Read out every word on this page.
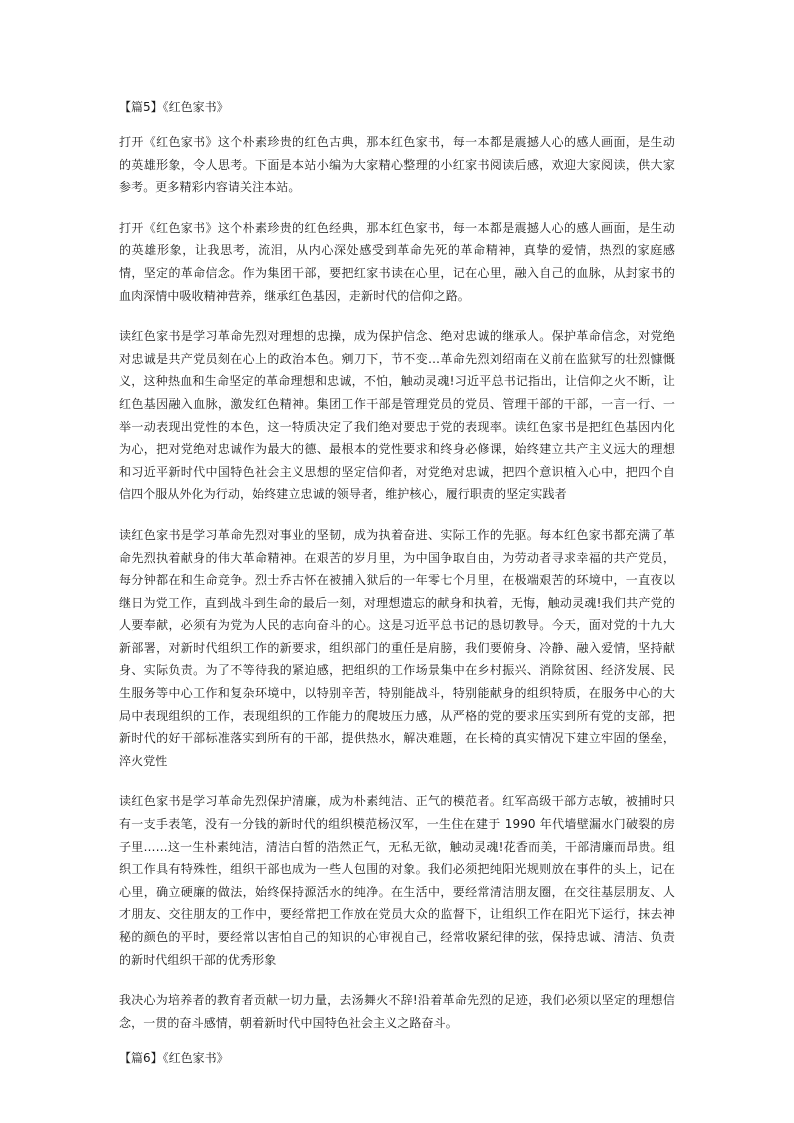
【篇5】《红色家书》

打开《红色家书》这个朴素珍贵的红色古典，那本红色家书，每一本都是震撼人心的感人画面，是生动的英雄形象，令人思考。下面是本站小编为大家精心整理的小红家书阅读后感，欢迎大家阅读，供大家参考。更多精彩内容请关注本站。

打开《红色家书》这个朴素珍贵的红色经典，那本红色家书，每一本都是震撼人心的感人画面，是生动的英雄形象，让我思考，流泪，从内心深处感受到革命先死的革命精神，真挚的爱情，热烈的家庭感情，坚定的革命信念。作为集团干部，要把红家书读在心里，记在心里，融入自己的血脉，从封家书的血肉深情中吸收精神营养，继承红色基因，走新时代的信仰之路。

读红色家书是学习革命先烈对理想的忠操，成为保护信念、绝对忠诚的继承人。保护革命信念，对党绝对忠诚是共产党员刻在心上的政治本色。剜刀下，节不变…革命先烈刘绍南在义前在监狱写的壮烈慷慨义，这种热血和生命坚定的革命理想和忠诚，不怕，触动灵魂!习近平总书记指出，让信仰之火不断，让红色基因融入血脉，激发红色精神。集团工作干部是管理党员的党员、管理干部的干部，一言一行、一举一动表现出党性的本色，这一特质决定了我们绝对要忠于党的表现率。读红色家书是把红色基因内化为心，把对党绝对忠诚作为最大的德、最根本的党性要求和终身必修课，始终建立共产主义远大的理想和习近平新时代中国特色社会主义思想的坚定信仰者，对党绝对忠诚，把四个意识植入心中，把四个自信四个服从外化为行动，始终建立忠诚的领导者，维护核心，履行职责的坚定实践者

读红色家书是学习革命先烈对事业的坚韧，成为执着奋进、实际工作的先驱。每本红色家书都充满了革命先烈执着献身的伟大革命精神。在艰苦的岁月里，为中国争取自由，为劳动者寻求幸福的共产党员，每分钟都在和生命竞争。烈士乔古怀在被捕入狱后的一年零七个月里，在极端艰苦的环境中，一直夜以继日为党工作，直到战斗到生命的最后一刻，对理想遗忘的献身和执着，无悔，触动灵魂!我们共产党的人要奉献，必须有为党为人民的志向奋斗的心。这是习近平总书记的恳切教导。今天，面对党的十九大新部署，对新时代组织工作的新要求，组织部门的重任是肩膀，我们要俯身、冷静、融入爱情，坚持献身、实际负责。为了不等待我的紧迫感，把组织的工作场景集中在乡村振兴、消除贫困、经济发展、民生服务等中心工作和复杂环境中，以特别辛苦，特别能战斗，特别能献身的组织特质，在服务中心的大局中表现组织的工作，表现组织的工作能力的爬坡压力感，从严格的党的要求压实到所有党的支部，把新时代的好干部标准落实到所有的干部，提供热水，解决难题，在长椅的真实情况下建立牢固的堡垒，淬火党性

读红色家书是学习革命先烈保护清廉，成为朴素纯洁、正气的模范者。红军高级干部方志敏，被捕时只有一支手表笔，没有一分钱的新时代的组织模范杨汉军，一生住在建于 1990 年代墙壁漏水门破裂的房子里……这一生朴素纯洁，清洁白皙的浩然正气，无私无欲，触动灵魂!花香而美，干部清廉而昂贵。组织工作具有特殊性，组织干部也成为一些人包围的对象。我们必须把纯阳光规则放在事件的头上，记在心里，确立硬廉的做法，始终保持源活水的纯净。在生活中，要经常清洁朋友圈，在交往基层朋友、人才朋友、交往朋友的工作中，要经常把工作放在党员大众的监督下，让组织工作在阳光下运行，抹去神秘的颜色的平时，要经常以害怕自己的知识的心审视自己，经常收紧纪律的弦，保持忠诚、清洁、负责的新时代组织干部的优秀形象

我决心为培养者的教育者贡献一切力量，去汤舞火不辞!沿着革命先烈的足迹，我们必须以坚定的理想信念，一贯的奋斗感情，朝着新时代中国特色社会主义之路奋斗。

【篇6】《红色家书》
